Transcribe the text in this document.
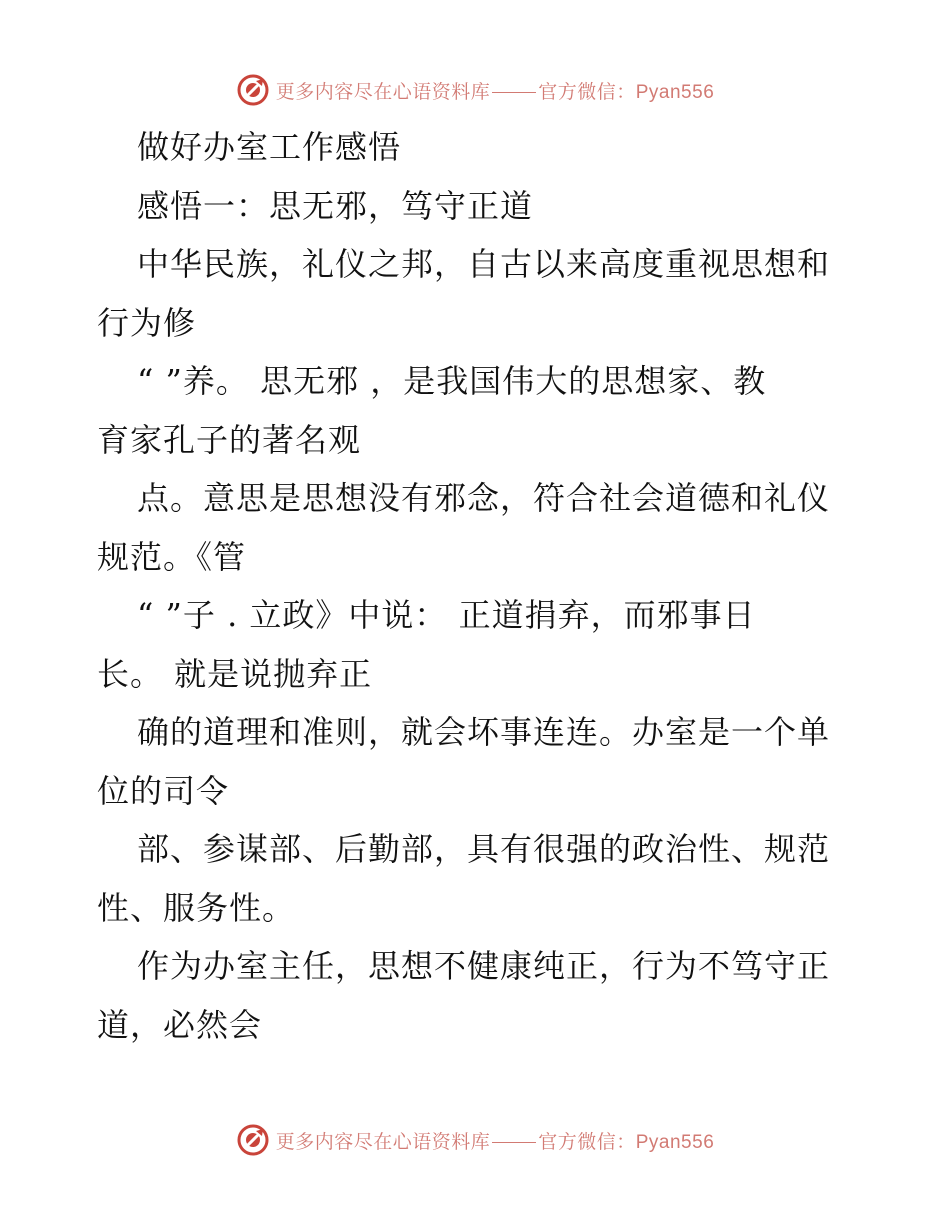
更多内容尽在心语资料库	官方微信：Pyan556
做好办室工作感悟
感悟一：思无邪，笃守正道
中华民族，礼仪之邦，自古以来高度重视思想和
行为修
“ ”养。 思无邪 ，是我国伟大的思想家、教
育家孔子的著名观
点。意思是思想没有邪念，符合社会道德和礼仪
规范。《管
“ ”子 . 立政》中说： 正道捐弃，而邪事日
长。 就是说抛弃正
确的道理和准则，就会坏事连连。办室是一个单
位的司令
部、参谋部、后勤部，具有很强的政治性、规范
性、服务性。
作为办室主任，思想不健康纯正，行为不笃守正
道，必然会
更多内容尽在心语资料库	官方微信：Pyan556
